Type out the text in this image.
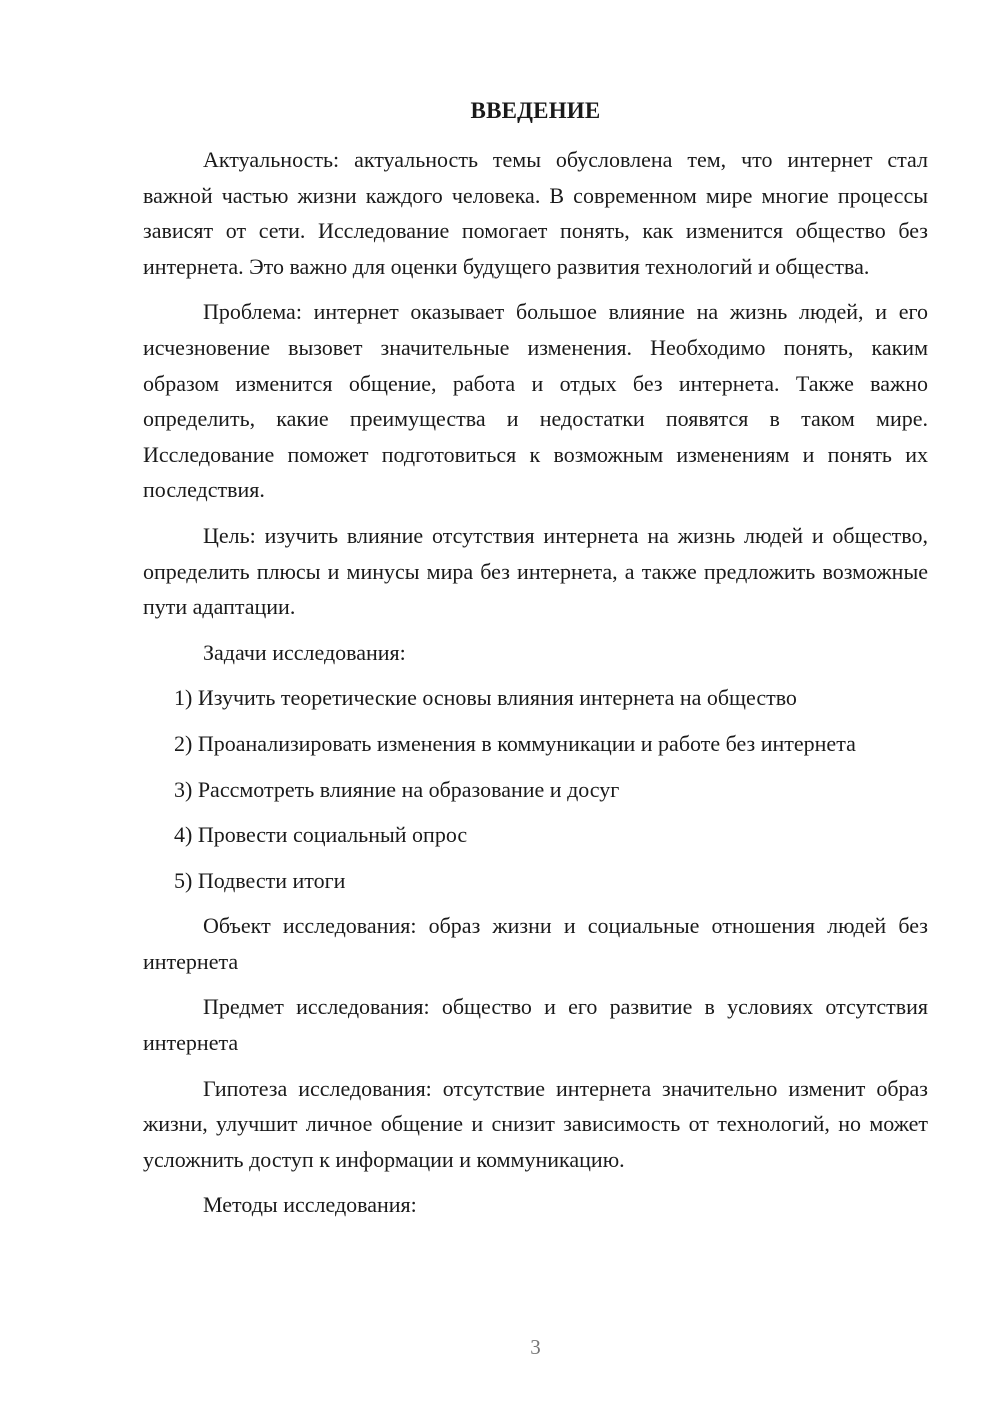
ВВЕДЕНИЕ

Актуальность: актуальность темы обусловлена тем, что интернет стал важной частью жизни каждого человека. В современном мире многие процессы зависят от сети. Исследование помогает понять, как изменится общество без интернета. Это важно для оценки будущего развития технологий и общества.

Проблема: интернет оказывает большое влияние на жизнь людей, и его исчезновение вызовет значительные изменения. Необходимо понять, каким образом изменится общение, работа и отдых без интернета. Также важно определить, какие преимущества и недостатки появятся в таком мире. Исследование поможет подготовиться к возможным изменениям и понять их последствия.

Цель: изучить влияние отсутствия интернета на жизнь людей и общество, определить плюсы и минусы мира без интернета, а также предложить возможные пути адаптации.

Задачи исследования:

1) Изучить теоретические основы влияния интернета на общество

2) Проанализировать изменения в коммуникации и работе без интернета

3) Рассмотреть влияние на образование и досуг

4) Провести социальный опрос

5) Подвести итоги

Объект исследования: образ жизни и социальные отношения людей без интернета

Предмет исследования: общество и его развитие в условиях отсутствия интернета

Гипотеза исследования: отсутствие интернета значительно изменит образ жизни, улучшит личное общение и снизит зависимость от технологий, но может усложнить доступ к информации и коммуникацию.

Методы исследования:

3
